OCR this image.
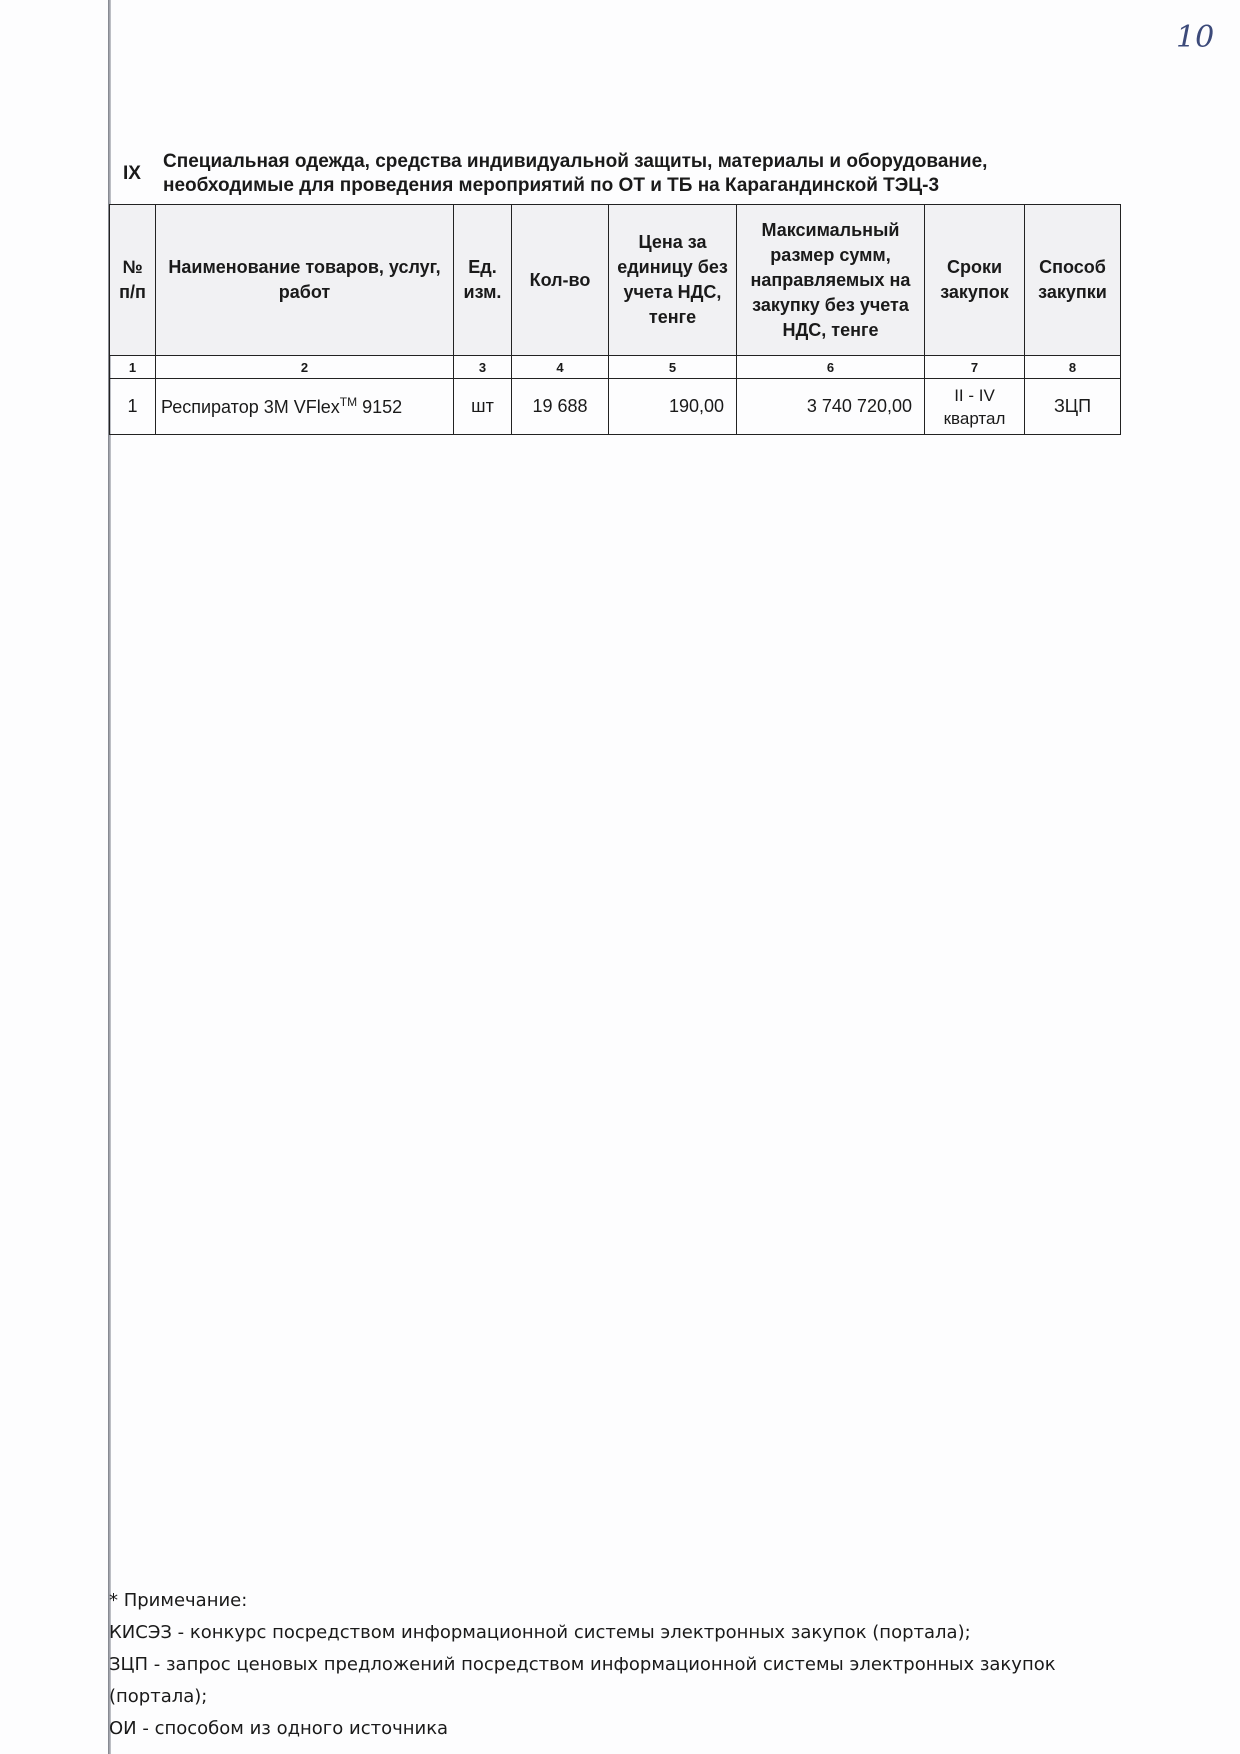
10
IX
Специальная одежда, средства индивидуальной защиты, материалы и оборудование,
необходимые для проведения мероприятий по ОТ и ТБ на Карагандинской ТЭЦ-3
№ п/п	Наименование товаров, услуг, работ	Ед. изм.	Кол-во	Цена за единицу без учета НДС, тенге	Максимальный размер сумм, направляемых на закупку без учета НДС, тенге	Сроки закупок	Способ закупки
1	2	3	4	5	6	7	8
1	Респиратор 3M VFlex™ 9152	шт	19 688	190,00	3 740 720,00	II - IV квартал	ЗЦП
* Примечание:
КИСЭЗ - конкурс посредством информационной системы электронных закупок (портала);
ЗЦП - запрос ценовых предложений посредством информационной системы электронных закупок (портала);
ОИ - способом из одного источника
